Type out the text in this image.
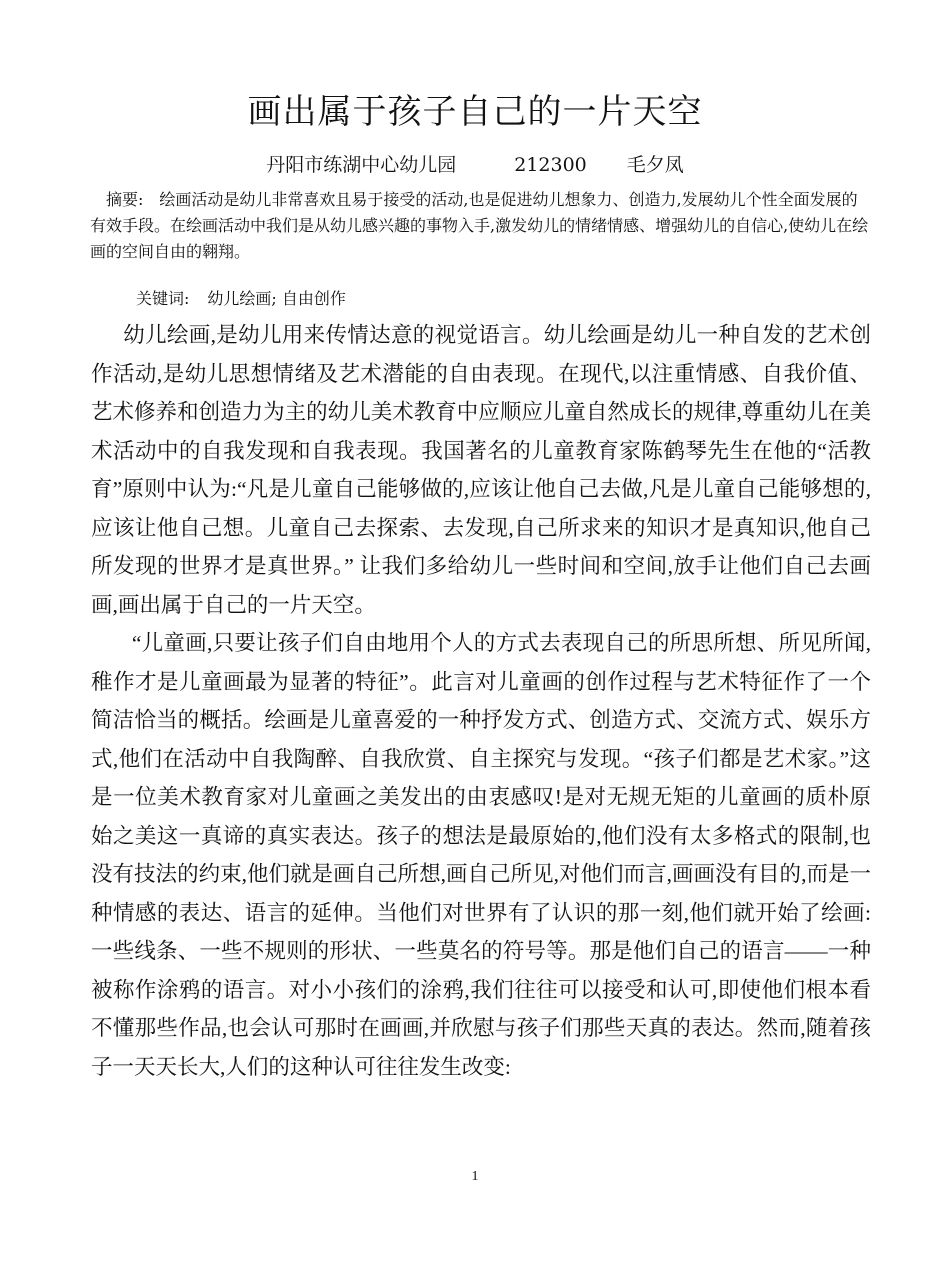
画出属于孩子自己的一片天空
丹阳市练湖中心幼儿园	212300 毛夕凤
摘要: 绘画活动是幼儿非常喜欢且易于接受的活动,也是促进幼儿想象力、创造力,发展幼儿个性全面发展的有效手段。在绘画活动中我们是从幼儿感兴趣的事物入手,激发幼儿的情绪情感、增强幼儿的自信心,使幼儿在绘画的空间自由的翱翔。
关键词: 幼儿绘画; 自由创作

幼儿绘画,是幼儿用来传情达意的视觉语言。幼儿绘画是幼儿一种自发的艺术创作活动,是幼儿思想情绪及艺术潜能的自由表现。在现代,以注重情感、自我价值、艺术修养和创造力为主的幼儿美术教育中应顺应儿童自然成长的规律,尊重幼儿在美术活动中的自我发现和自我表现。我国著名的儿童教育家陈鹤琴先生在他的“活教育”原则中认为:“凡是儿童自己能够做的,应该让他自己去做,凡是儿童自己能够想的,应该让他自己想。儿童自己去探索、去发现,自己所求来的知识才是真知识,他自己所发现的世界才是真世界。” 让我们多给幼儿一些时间和空间,放手让他们自己去画画,画出属于自己的一片天空。

“儿童画,只要让孩子们自由地用个人的方式去表现自己的所思所想、所见所闻,稚作才是儿童画最为显著的特征”。此言对儿童画的创作过程与艺术特征作了一个简洁恰当的概括。绘画是儿童喜爱的一种抒发方式、创造方式、交流方式、娱乐方式,他们在活动中自我陶醉、自我欣赏、自主探究与发现。“孩子们都是艺术家。”这是一位美术教育家对儿童画之美发出的由衷感叹!是对无规无矩的儿童画的质朴原始之美这一真谛的真实表达。孩子的想法是最原始的,他们没有太多格式的限制,也没有技法的约束,他们就是画自己所想,画自己所见,对他们而言,画画没有目的,而是一种情感的表达、语言的延伸。当他们对世界有了认识的那一刻,他们就开始了绘画:一些线条、一些不规则的形状、一些莫名的符号等。那是他们自己的语言——一种被称作涂鸦的语言。对小小孩们的涂鸦,我们往往可以接受和认可,即使他们根本看不懂那些作品,也会认可那时在画画,并欣慰与孩子们那些天真的表达。然而,随着孩子一天天长大,人们的这种认可往往发生改变:

1
